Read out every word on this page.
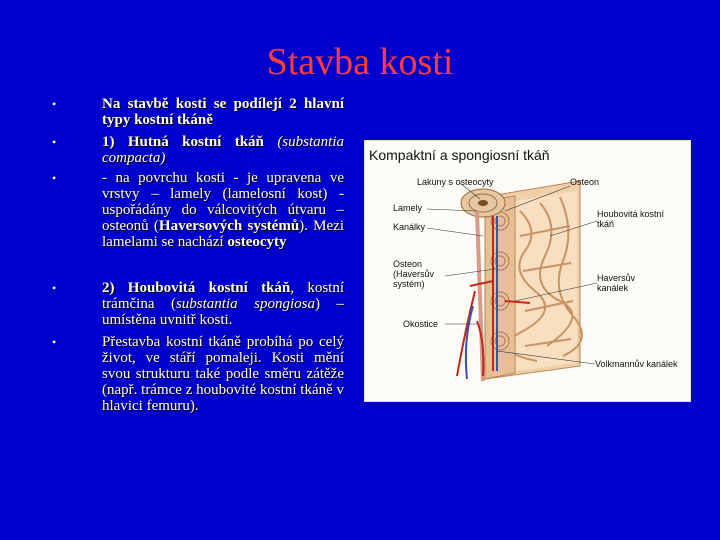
Stavba kosti
•	Na stavbě kosti se podílejí 2 hlavní typy kostní tkáně
•	1) Hutná kostní tkáň (substantia compacta)
•	- na povrchu kosti - je upravena ve vrstvy – lamely (lamelosní kost) - uspořádány do válcovitých útvaru – osteonů (Haversových systémů). Mezi lamelami se nachází osteocyty
•	2) Houbovitá kostní tkáň, kostní trámčina (substantia spongiosa) – umístěna uvnitř kosti.
•	Přestavba kostní tkáně probíhá po celý život, ve stáří pomaleji. Kosti mění svou strukturu také podle směru zátěže (např. trámce z houbovité kostní tkáně v hlavici femuru).
Kompaktní a spongiosní tkáň
Lakuny s osteocyty	Osteon
Lamely
Houbovitá kostní tkáň
Kanálky
Osteon (Haversův systém)
Haversův kanálek
Okostice
Volkmannův kanálek
